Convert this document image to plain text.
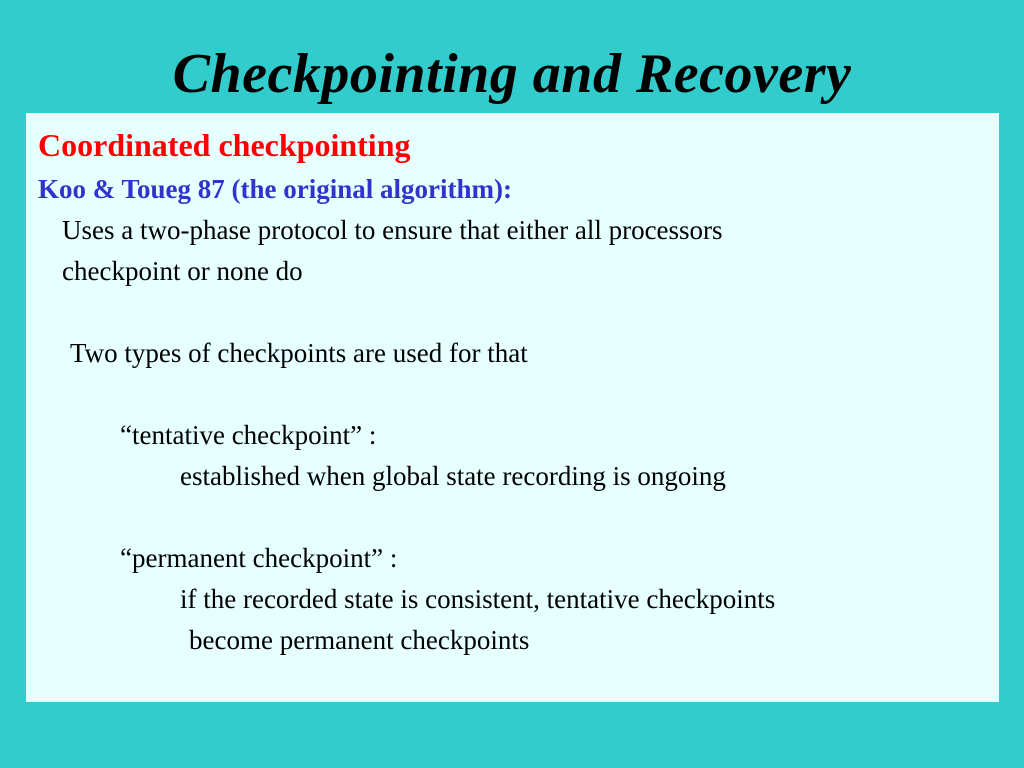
Checkpointing and Recovery
Coordinated checkpointing
Koo & Toueg 87 (the original algorithm):
Uses a two-phase protocol to ensure that either all processors
checkpoint or none do
Two types of checkpoints are used for that
“tentative checkpoint” :
established when global state recording is ongoing
“permanent checkpoint” :
if the recorded state is consistent, tentative checkpoints
become permanent checkpoints
